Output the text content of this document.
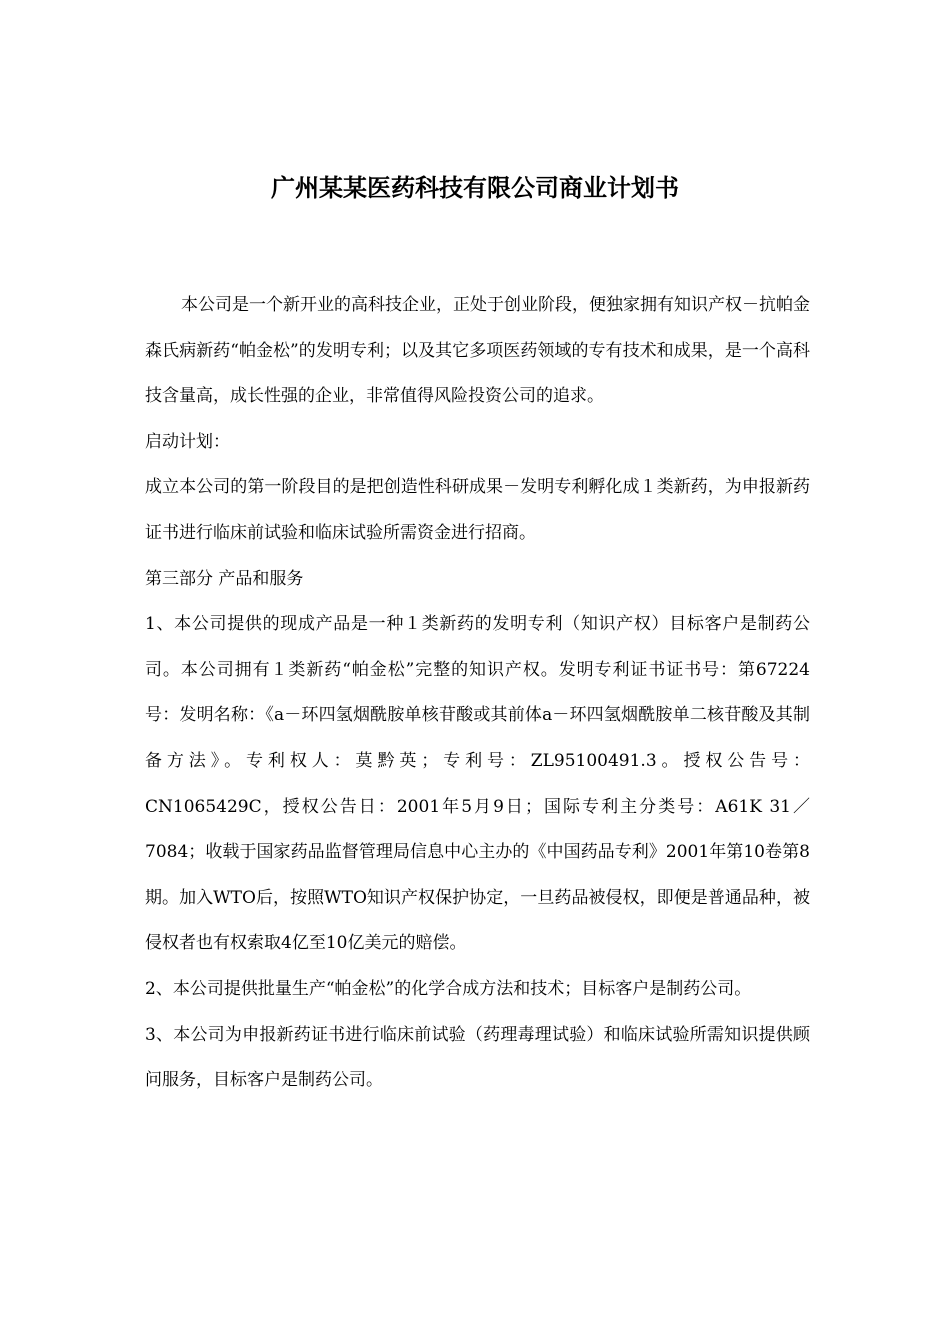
广州某某医药科技有限公司商业计划书

本公司是一个新开业的高科技企业，正处于创业阶段，便独家拥有知识产权－抗帕金森氏病新药“帕金松”的发明专利；以及其它多项医药领域的专有技术和成果，是一个高科技含量高，成长性强的企业，非常值得风险投资公司的追求。

启动计划：

成立本公司的第一阶段目的是把创造性科研成果－发明专利孵化成１类新药，为申报新药证书进行临床前试验和临床试验所需资金进行招商。

第三部分 产品和服务

1、本公司提供的现成产品是一种１类新药的发明专利（知识产权）目标客户是制药公司。本公司拥有１类新药“帕金松”完整的知识产权。发明专利证书证书号：第67224号：发明名称：《a－环四氢烟酰胺单核苷酸或其前体a－环四氢烟酰胺单二核苷酸及其制备方法》。专利权人：莫黔英；专利号：ZL95100491.3。授权公告号：CN1065429C，授权公告日：2001年5月9日；国际专利主分类号：A61K 31／7084；收载于国家药品监督管理局信息中心主办的《中国药品专利》2001年第10卷第8期。加入WTO后，按照WTO知识产权保护协定，一旦药品被侵权，即便是普通品种，被侵权者也有权索取4亿至10亿美元的赔偿。

2、本公司提供批量生产“帕金松”的化学合成方法和技术；目标客户是制药公司。

3、本公司为申报新药证书进行临床前试验（药理毒理试验）和临床试验所需知识提供顾问服务，目标客户是制药公司。
